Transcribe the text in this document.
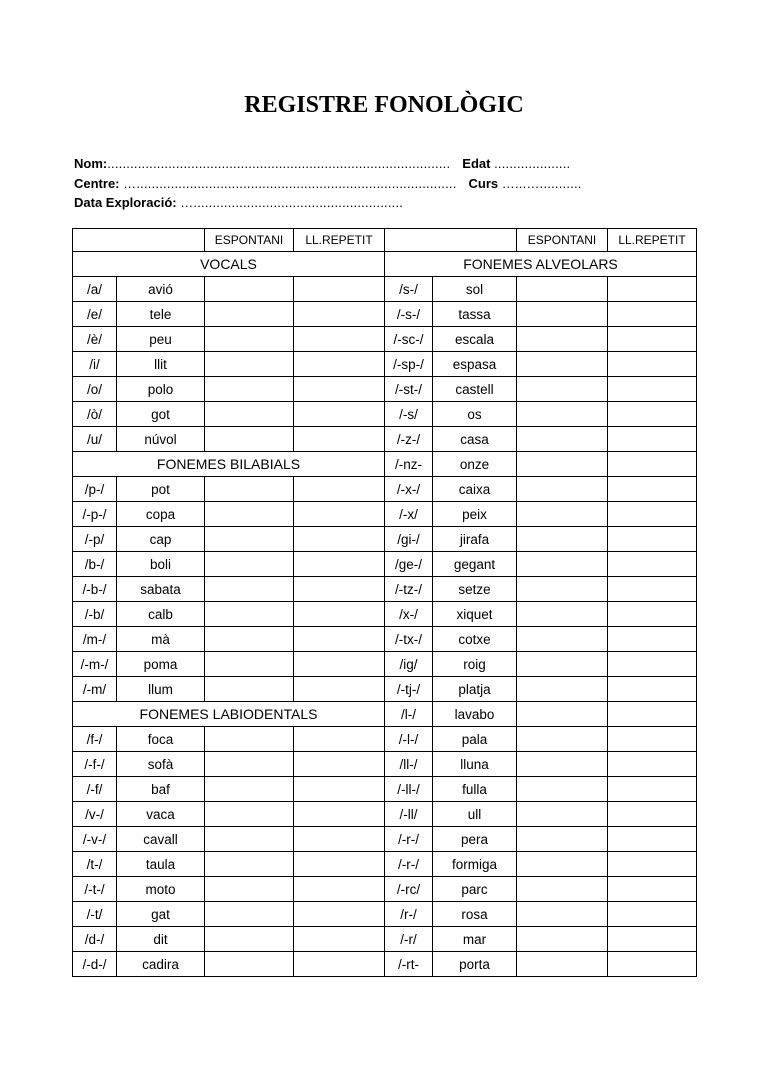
REGISTRE FONOLÒGIC
Nom:.......................................................................................... Edat ....................
Centre: ….................................................................................... Curs …...…...........
Data Exploració: ….......................................................
		ESPONTANI	LL.REPETIT			ESPONTANI	LL.REPETIT
VOCALS				FONEMES ALVEOLARS			
/a/	avió			/s-/	sol		
/e/	tele			/-s-/	tassa		
/è/	peu			/-sc-/	escala		
/i/	llit			/-sp-/	espasa		
/o/	polo			/-st-/	castell		
/ò/	got			/-s/	os		
/u/	núvol			/-z-/	casa		
FONEMES BILABIALS				/-nz-	onze		
/p-/	pot			/-x-/	caixa		
/-p-/	copa			/-x/	peix		
/-p/	cap			/gi-/	jirafa		
/b-/	boli			/ge-/	gegant		
/-b-/	sabata			/-tz-/	setze		
/-b/	calb			/x-/	xiquet		
/m-/	mà			/-tx-/	cotxe		
/-m-/	poma			/ig/	roig		
/-m/	llum			/-tj-/	platja		
FONEMES LABIODENTALS				/l-/	lavabo		
/f-/	foca			/-l-/	pala		
/-f-/	sofà			/ll-/	lluna		
/-f/	baf			/-ll-/	fulla		
/v-/	vaca			/-ll/	ull		
/-v-/	cavall			/-r-/	pera		
/t-/	taula			/-r-/	formiga		
/-t-/	moto			/-rc/	parc		
/-t/	gat			/r-/	rosa		
/d-/	dit			/-r/	mar		
/-d-/	cadira			/-rt-	porta		
